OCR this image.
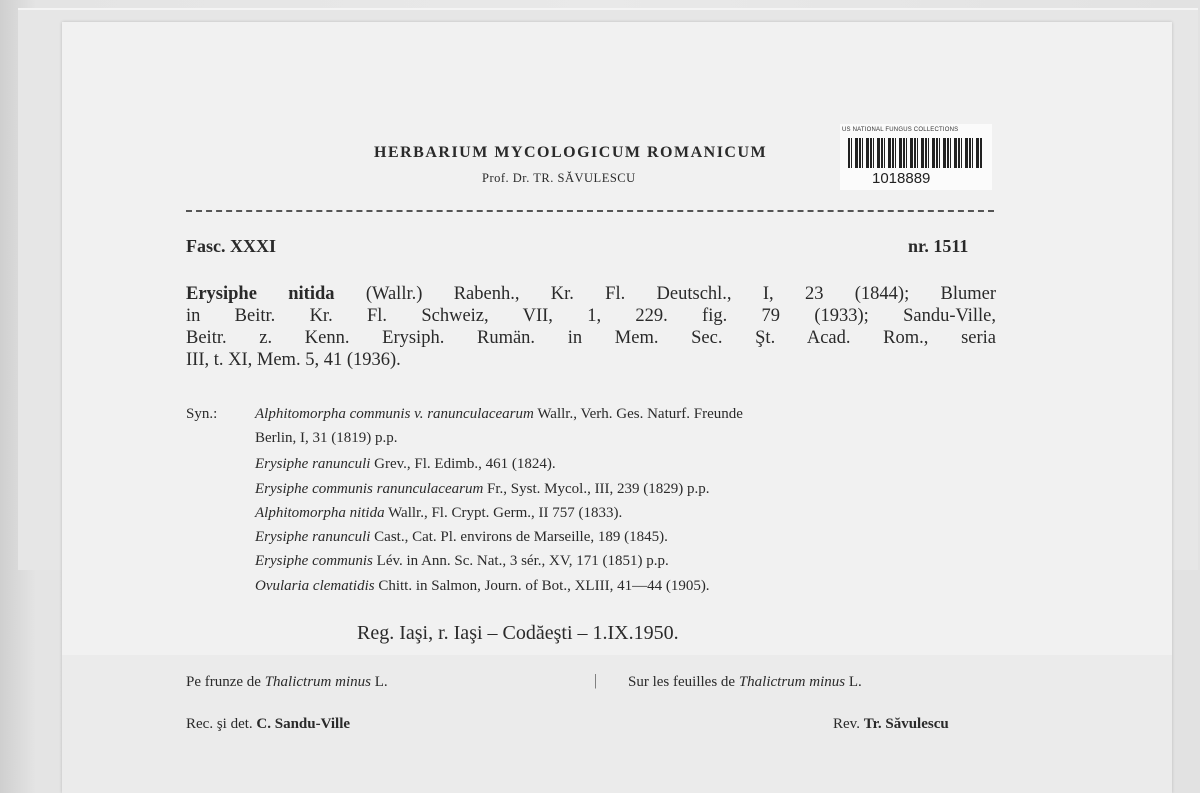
HERBARIUM MYCOLOGICUM ROMANICUM
Prof. Dr. TR. SĂVULESCU
US NATIONAL FUNGUS COLLECTIONS
1018889
Fasc. XXXI	nr. 1511
Erysiphe nitida (Wallr.) Rabenh., Kr. Fl. Deutschl., I, 23 (1844); Blumer
in Beitr. Kr. Fl. Schweiz, VII, 1, 229. fig. 79 (1933); Sandu-Ville,
Beitr. z. Kenn. Erysiph. Rumän. in Mem. Sec. Şt. Acad. Rom., seria
III, t. XI, Mem. 5, 41 (1936).
Syn.:	Alphitomorpha communis v. ranunculacearum Wallr., Verh. Ges. Naturf. Freunde
Berlin, I, 31 (1819) p.p.
Erysiphe ranunculi Grev., Fl. Edimb., 461 (1824).
Erysiphe communis ranunculacearum Fr., Syst. Mycol., III, 239 (1829) p.p.
Alphitomorpha nitida Wallr., Fl. Crypt. Germ., II 757 (1833).
Erysiphe ranunculi Cast., Cat. Pl. environs de Marseille, 189 (1845).
Erysiphe communis Lév. in Ann. Sc. Nat., 3 sér., XV, 171 (1851) p.p.
Ovularia clematidis Chitt. in Salmon, Journ. of Bot., XLIII, 41—44 (1905).
Reg. Iaşi, r. Iaşi – Codăeşti – 1.IX.1950.
Pe frunze de Thalictrum minus L.	| Sur les feuilles de Thalictrum minus L.
Rec. şi det. C. Sandu-Ville	Rev. Tr. Săvulescu
